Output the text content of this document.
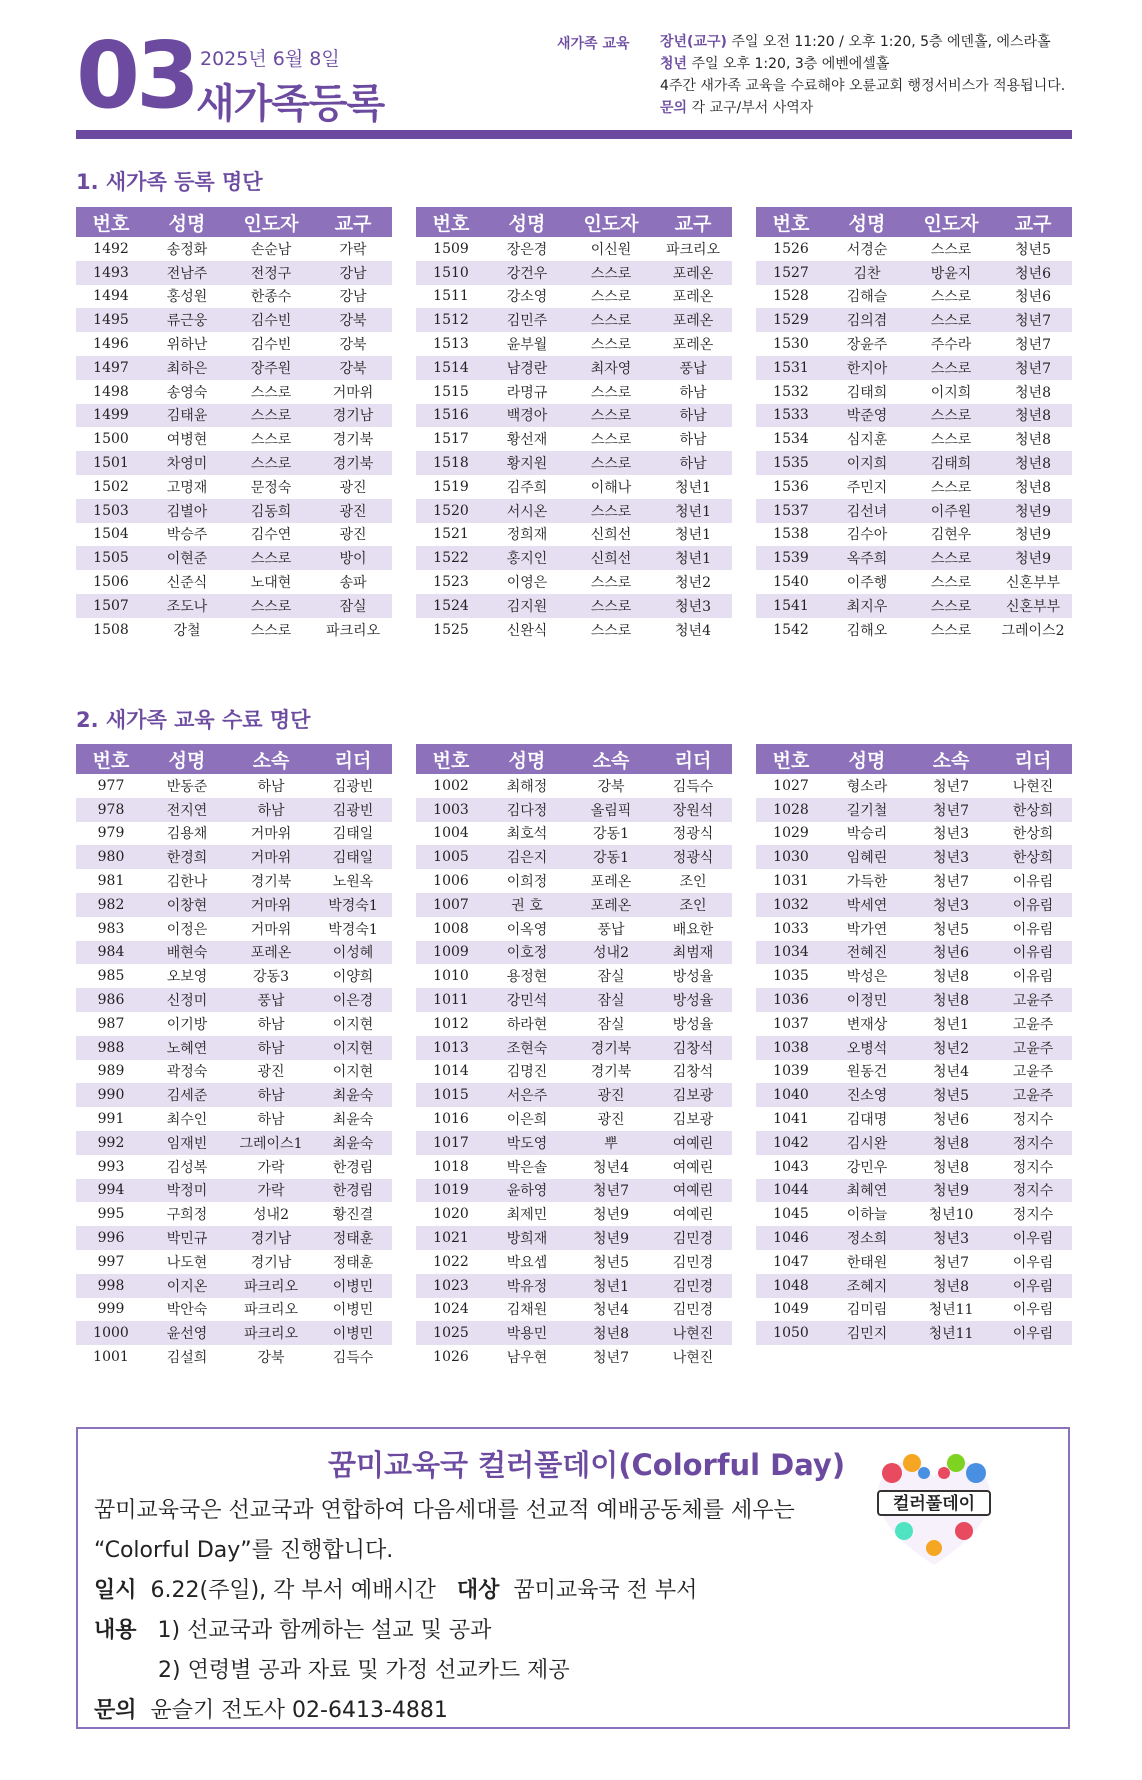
03 2025년 6월 8일
새가족등록
새가족 교육 장년(교구) 주일 오전 11:20 / 오후 1:20, 5층 에덴홀, 에스라홀
청년 주일 오후 1:20, 3층 에벤에셀홀
4주간 새가족 교육을 수료해야 오륜교회 행정서비스가 적용됩니다.
문의 각 교구/부서 사역자
1. 새가족 등록 명단
번호	성명	인도자	교구
1492	송정화	손순남	가락
1493	전남주	전정구	강남
1494	홍성원	한종수	강남
1495	류근웅	김수빈	강북
1496	위하난	김수빈	강북
1497	최하은	장주원	강북
1498	송영숙	스스로	거마위
1499	김태윤	스스로	경기남
1500	여병현	스스로	경기북
1501	차영미	스스로	경기북
1502	고명재	문정숙	광진
1503	김별아	김동희	광진
1504	박승주	김수연	광진
1505	이현준	스스로	방이
1506	신준식	노대현	송파
1507	조도나	스스로	잠실
1508	강철	스스로	파크리오
번호	성명	인도자	교구
1509	장은경	이신원	파크리오
1510	강건우	스스로	포레온
1511	강소영	스스로	포레온
1512	김민주	스스로	포레온
1513	윤부월	스스로	포레온
1514	남경란	최자영	풍납
1515	라명규	스스로	하남
1516	백경아	스스로	하남
1517	황선재	스스로	하남
1518	황지원	스스로	하남
1519	김주희	이해나	청년1
1520	서시온	스스로	청년1
1521	정희재	신희선	청년1
1522	홍지인	신희선	청년1
1523	이영은	스스로	청년2
1524	김지원	스스로	청년3
1525	신완식	스스로	청년4
번호	성명	인도자	교구
1526	서경순	스스로	청년5
1527	김찬	방윤지	청년6
1528	김해슬	스스로	청년6
1529	김의겸	스스로	청년7
1530	장윤주	주수라	청년7
1531	한지아	스스로	청년7
1532	김태희	이지희	청년8
1533	박준영	스스로	청년8
1534	심지훈	스스로	청년8
1535	이지희	김태희	청년8
1536	주민지	스스로	청년8
1537	김선녀	이주원	청년9
1538	김수아	김현우	청년9
1539	옥주희	스스로	청년9
1540	이주행	스스로	신혼부부
1541	최지우	스스로	신혼부부
1542	김해오	스스로	그레이스2
2. 새가족 교육 수료 명단
번호	성명	소속	리더
977	반동준	하남	김광빈
978	전지연	하남	김광빈
979	김용채	거마위	김태일
980	한경희	거마위	김태일
981	김한나	경기북	노원옥
982	이창현	거마위	박경숙1
983	이정은	거마위	박경숙1
984	배현숙	포레온	이성혜
985	오보영	강동3	이양희
986	신정미	풍납	이은경
987	이기방	하남	이지현
988	노혜연	하남	이지현
989	곽정숙	광진	이지현
990	김세준	하남	최윤숙
991	최수인	하남	최윤숙
992	임재빈	그레이스1	최윤숙
993	김성복	가락	한경림
994	박정미	가락	한경림
995	구희정	성내2	황진결
996	박민규	경기남	정태훈
997	나도현	경기남	정태훈
998	이지온	파크리오	이병민
999	박안숙	파크리오	이병민
1000	윤선영	파크리오	이병민
1001	김설희	강북	김득수
번호	성명	소속	리더
1002	최해정	강북	김득수
1003	김다정	올림픽	장원석
1004	최호석	강동1	정광식
1005	김은지	강동1	정광식
1006	이희정	포레온	조인
1007	권 호	포레온	조인
1008	이옥영	풍납	배요한
1009	이호정	성내2	최범재
1010	용정현	잠실	방성율
1011	강민석	잠실	방성율
1012	하라현	잠실	방성율
1013	조현숙	경기북	김창석
1014	김명진	경기북	김창석
1015	서은주	광진	김보광
1016	이은희	광진	김보광
1017	박도영	뿌	여예린
1018	박은솔	청년4	여예린
1019	윤하영	청년7	여예린
1020	최제민	청년9	여예린
1021	방희재	청년9	김민경
1022	박요셉	청년5	김민경
1023	박유정	청년1	김민경
1024	김채원	청년4	김민경
1025	박용민	청년8	나현진
1026	남우현	청년7	나현진
번호	성명	소속	리더
1027	형소라	청년7	나현진
1028	길기철	청년7	한상희
1029	박승리	청년3	한상희
1030	임혜린	청년3	한상희
1031	가득한	청년7	이유림
1032	박세연	청년3	이유림
1033	박가연	청년5	이유림
1034	전혜진	청년6	이유림
1035	박성은	청년8	이유림
1036	이정민	청년8	고윤주
1037	변재상	청년1	고윤주
1038	오병석	청년2	고윤주
1039	원동건	청년4	고윤주
1040	진소영	청년5	고윤주
1041	김대명	청년6	정지수
1042	김시완	청년8	정지수
1043	강민우	청년8	정지수
1044	최혜연	청년9	정지수
1045	이하늘	청년10	정지수
1046	정소희	청년3	이우림
1047	한태원	청년7	이우림
1048	조혜지	청년8	이우림
1049	김미림	청년11	이우림
1050	김민지	청년11	이우림
꿈미교육국 컬러풀데이(Colorful Day)
꿈미교육국은 선교국과 연합하여 다음세대를 선교적 예배공동체를 세우는
“Colorful Day”를 진행합니다.
일시 6.22(주일), 각 부서 예배시간 대상 꿈미교육국 전 부서
내용 1) 선교국과 함께하는 설교 및 공과
2) 연령별 공과 자료 및 가정 선교카드 제공
문의 윤슬기 전도사 02-6413-4881
컬러풀데이
